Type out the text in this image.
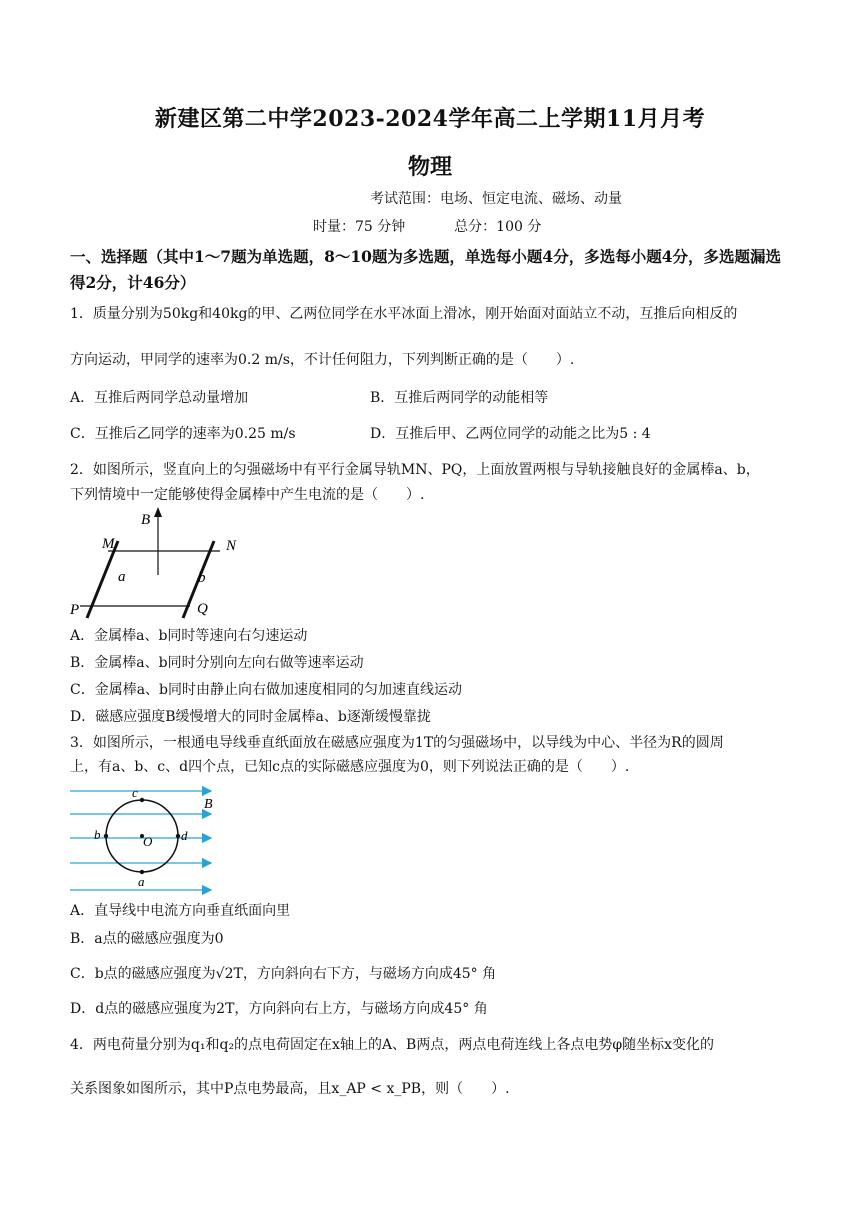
新建区第二中学2023-2024学年高二上学期11月月考
物理
考试范围：电场、恒定电流、磁场、动量
时量：75 分钟	总分：100 分
一、选择题（其中1～7题为单选题，8～10题为多选题，单选每小题4分，多选每小题4分，多选题漏选得2分，计46分）
1．质量分别为50kg和40kg的甲、乙两位同学在水平冰面上滑冰，刚开始面对面站立不动，互推后向相反的
方向运动，甲同学的速率为0.2 m/s，不计任何阻力，下列判断正确的是（　　）.
A．互推后两同学总动量增加	B．互推后两同学的动能相等
C．互推后乙同学的速率为0.25 m/s	D．互推后甲、乙两位同学的动能之比为5 : 4
2．如图所示，竖直向上的匀强磁场中有平行金属导轨MN、PQ，上面放置两根与导轨接触良好的金属棒a、b，
下列情境中一定能够使得金属棒中产生电流的是（　　）.
B
M	N
P	Q
a	b
A．金属棒a、b同时等速向右匀速运动
B．金属棒a、b同时分别向左向右做等速率运动
C．金属棒a、b同时由静止向右做加速度相同的匀加速直线运动
D．磁感应强度B缓慢增大的同时金属棒a、b逐渐缓慢靠拢
3．如图所示，一根通电导线垂直纸面放在磁感应强度为1T的匀强磁场中，以导线为中心、半径为R的圆周
上，有a、b、c、d四个点，已知c点的实际磁感应强度为0，则下列说法正确的是（　　）.
c
a
b	d
O
B
A．直导线中电流方向垂直纸面向里
B．a点的磁感应强度为0
C．b点的磁感应强度为√2T，方向斜向右下方，与磁场方向成45° 角
D．d点的磁感应强度为2T，方向斜向右上方，与磁场方向成45° 角
4．两电荷量分别为q₁和q₂的点电荷固定在x轴上的A、B两点，两点电荷连线上各点电势φ随坐标x变化的
关系图象如图所示，其中P点电势最高，且x_AP < x_PB，则（　　）.
